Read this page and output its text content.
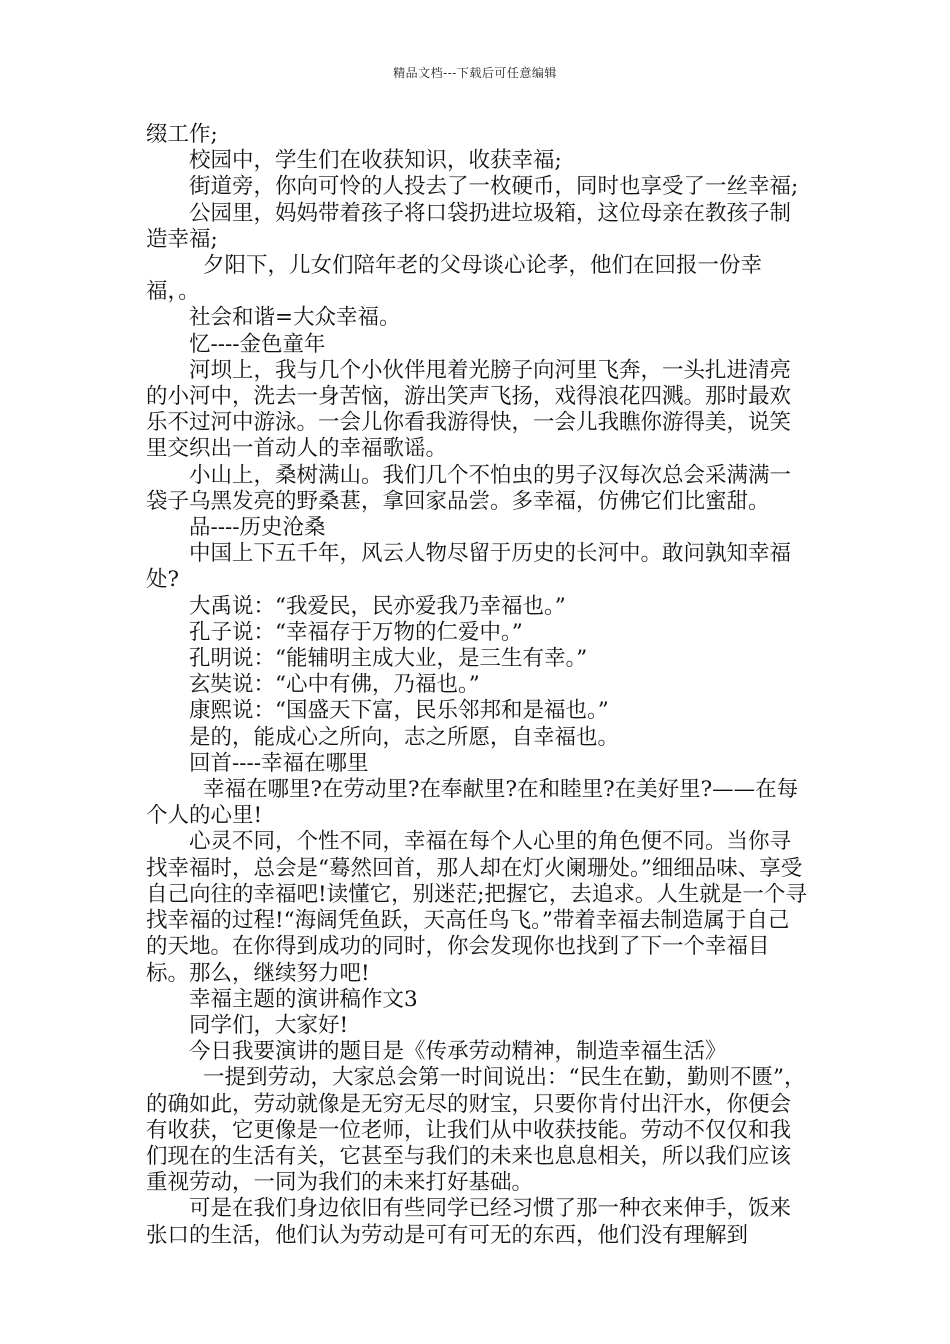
精品文档---下载后可任意编辑

缀工作;

校园中，学生们在收获知识，收获幸福;

街道旁，你向可怜的人投去了一枚硬币，同时也享受了一丝幸福;

公园里，妈妈带着孩子将口袋扔进垃圾箱，这位母亲在教孩子制造幸福;

夕阳下，儿女们陪年老的父母谈心论孝，他们在回报一份幸福，。

社会和谐=大众幸福。

忆----金色童年

河坝上，我与几个小伙伴甩着光膀子向河里飞奔，一头扎进清亮的小河中，洗去一身苦恼，游出笑声飞扬，戏得浪花四溅。那时最欢乐不过河中游泳。一会儿你看我游得快，一会儿我瞧你游得美，说笑里交织出一首动人的幸福歌谣。

小山上，桑树满山。我们几个不怕虫的男子汉每次总会采满满一袋子乌黑发亮的野桑葚，拿回家品尝。多幸福，仿佛它们比蜜甜。

品----历史沧桑

中国上下五千年，风云人物尽留于历史的长河中。敢问孰知幸福处?

大禹说：“我爱民，民亦爱我乃幸福也。”

孔子说：“幸福存于万物的仁爱中。”

孔明说：“能辅明主成大业，是三生有幸。”

玄奘说：“心中有佛，乃福也。”

康熙说：“国盛天下富，民乐邻邦和是福也。”

是的，能成心之所向，志之所愿，自幸福也。

回首----幸福在哪里

幸福在哪里?在劳动里?在奉献里?在和睦里?在美好里?——在每个人的心里!

心灵不同，个性不同，幸福在每个人心里的角色便不同。当你寻找幸福时，总会是“蓦然回首，那人却在灯火阑珊处。”细细品味、享受自己向往的幸福吧!读懂它，别迷茫;把握它，去追求。人生就是一个寻找幸福的过程!“海阔凭鱼跃，天高任鸟飞。”带着幸福去制造属于自己的天地。在你得到成功的同时，你会发现你也找到了下一个幸福目标。那么，继续努力吧!

幸福主题的演讲稿作文3

同学们，大家好!

今日我要演讲的题目是《传承劳动精神，制造幸福生活》

一提到劳动，大家总会第一时间说出：“民生在勤，勤则不匮”，的确如此，劳动就像是无穷无尽的财宝，只要你肯付出汗水，你便会有收获，它更像是一位老师，让我们从中收获技能。劳动不仅仅和我们现在的生活有关，它甚至与我们的未来也息息相关，所以我们应该重视劳动，一同为我们的未来打好基础。

可是在我们身边依旧有些同学已经习惯了那一种衣来伸手，饭来张口的生活，他们认为劳动是可有可无的东西，他们没有理解到
